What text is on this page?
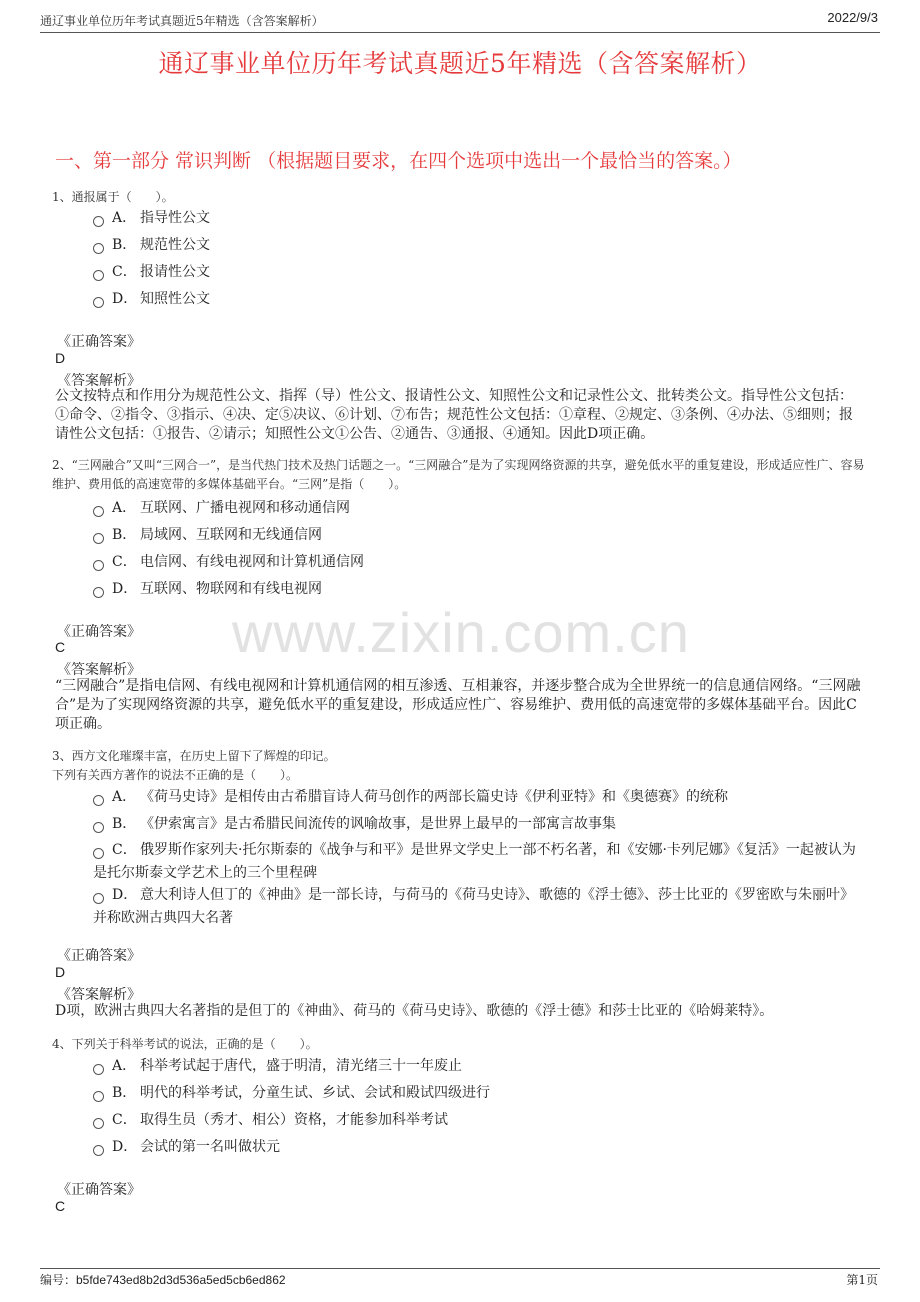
通辽事业单位历年考试真题近5年精选（含答案解析）	2022/9/3
通辽事业单位历年考试真题近5年精选（含答案解析）
一、第一部分 常识判断 （根据题目要求，在四个选项中选出一个最恰当的答案。）
www.zixin.com.cn
1、通报属于（　　）。
A． 指导性公文
B． 规范性公文
C． 报请性公文
D． 知照性公文
《正确答案》
D
《答案解析》
公文按特点和作用分为规范性公文、指挥（导）性公文、报请性公文、知照性公文和记录性公文、批转类公文。指导性公文包括：①命令、②指令、③指示、④决、定⑤决议、⑥计划、⑦布告；规范性公文包括：①章程、②规定、③条例、④办法、⑤细则；报请性公文包括：①报告、②请示；知照性公文①公告、②通告、③通报、④通知。因此D项正确。
2、“三网融合”又叫“三网合一”，是当代热门技术及热门话题之一。“三网融合”是为了实现网络资源的共享，避免低水平的重复建设，形成适应性广、容易维护、费用低的高速宽带的多媒体基础平台。“三网”是指（　　）。
A． 互联网、广播电视网和移动通信网
B． 局域网、互联网和无线通信网
C． 电信网、有线电视网和计算机通信网
D． 互联网、物联网和有线电视网
《正确答案》
C
《答案解析》
“三网融合”是指电信网、有线电视网和计算机通信网的相互渗透、互相兼容，并逐步整合成为全世界统一的信息通信网络。“三网融合”是为了实现网络资源的共享，避免低水平的重复建设，形成适应性广、容易维护、费用低的高速宽带的多媒体基础平台。因此C项正确。
3、西方文化璀璨丰富，在历史上留下了辉煌的印记。
下列有关西方著作的说法不正确的是（　　）。
A． 《荷马史诗》是相传由古希腊盲诗人荷马创作的两部长篇史诗《伊利亚特》和《奥德赛》的统称
B． 《伊索寓言》是古希腊民间流传的讽喻故事，是世界上最早的一部寓言故事集
C． 俄罗斯作家列夫·托尔斯泰的《战争与和平》是世界文学史上一部不朽名著，和《安娜·卡列尼娜》《复活》一起被认为是托尔斯泰文学艺术上的三个里程碑
D． 意大利诗人但丁的《神曲》是一部长诗，与荷马的《荷马史诗》、歌德的《浮士德》、莎士比亚的《罗密欧与朱丽叶》并称欧洲古典四大名著
《正确答案》
D
《答案解析》
D项，欧洲古典四大名著指的是但丁的《神曲》、荷马的《荷马史诗》、歌德的《浮士德》和莎士比亚的《哈姆莱特》。
4、下列关于科举考试的说法，正确的是（　　）。
A． 科举考试起于唐代，盛于明清，清光绪三十一年废止
B． 明代的科举考试，分童生试、乡试、会试和殿试四级进行
C． 取得生员（秀才、相公）资格，才能参加科举考试
D． 会试的第一名叫做状元
《正确答案》
C
编号：b5fde743ed8b2d3d536a5ed5cb6ed862	第1页
